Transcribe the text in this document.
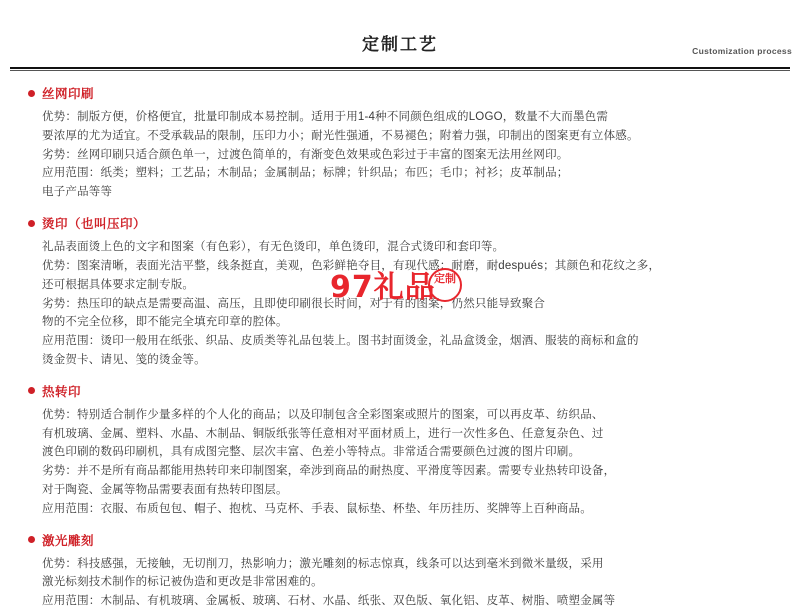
定制工艺	Customization process
丝网印刷

优势：制版方便，价格便宜，批量印制成本易控制。适用于用1-4种不同颜色组成的LOGO，数量不大而墨色需

要浓厚的尤为适宜。不受承载品的限制，压印力小；耐光性强通，不易褪色；附着力强，印制出的图案更有立体感。

劣势：丝网印刷只适合颜色单一，过渡色简单的，有渐变色效果或色彩过于丰富的图案无法用丝网印。

应用范围：纸类；塑料；工艺品；木制品；金属制品；标牌；针织品；布匹；毛巾；衬衫；皮革制品；

电子产品等等

烫印（也叫压印）

礼品表面烫上色的文字和图案（有色彩），有无色烫印，单色烫印，混合式烫印和套印等。

优势：图案清晰，表面光洁平整，线条挺直，美观，色彩鲜艳夺目，有现代感；耐磨，耐después；其颜色和花纹之多，

还可根据具体要求定制专版。

劣势：热压印的缺点是需要高温、高压，且即使印刷很长时间，对于有的图案，仍然只能导致聚合

物的不完全位移，即不能完全填充印章的腔体。

应用范围：烫印一般用在纸张、织品、皮质类等礼品包装上。图书封面烫金，礼品盒烫金，烟酒、服装的商标和盒的

烫金贺卡、请见、笺的烫金等。

热转印

优势：特别适合制作少量多样的个人化的商品；以及印制包含全彩图案或照片的图案，可以再皮革、纺织品、

有机玻璃、金属、塑料、水晶、木制品、铜版纸张等任意相对平面材质上，进行一次性多色、任意复杂色、过

渡色印刷的数码印刷机，具有成图完整、层次丰富、色差小等特点。非常适合需要颜色过渡的图片印刷。

劣势：并不是所有商品都能用热转印来印制图案，牵涉到商品的耐热度、平滑度等因素。需要专业热转印设备，

对于陶瓷、金属等物品需要表面有热转印图层。

应用范围：衣服、布质包包、帽子、抱枕、马克杯、手表、鼠标垫、杯垫、年历挂历、奖牌等上百种商品。

激光雕刻

优势：科技感强，无接触，无切削刀，热影响力；激光雕刻的标志惊真，线条可以达到毫米到微米量级，采用

激光标刻技术制作的标记被伪造和更改是非常困难的。

应用范围：木制品、有机玻璃、金属板、玻璃、石材、水晶、纸张、双色版、氧化铝、皮革、树脂、喷塑金属等

97礼品
定制
